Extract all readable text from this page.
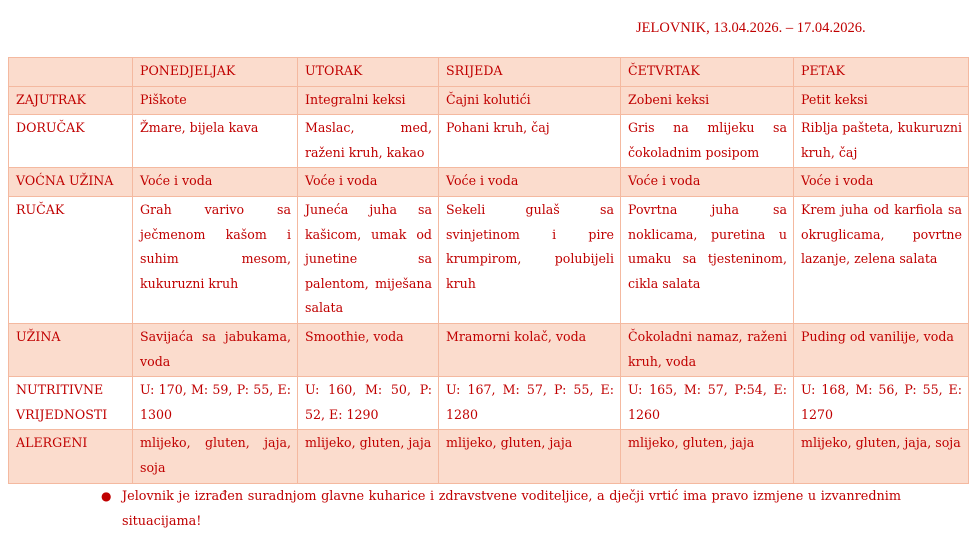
JELOVNIK, 13.04.2026. – 17.04.2026.
	PONEDJELJAK	UTORAK	SRIJEDA	ČETVRTAK	PETAK
ZAJUTRAK	Piškote	Integralni keksi	Čajni kolutići	Zobeni keksi	Petit keksi
DORUČAK	Žmare, bijela kava	Maslac, med, raženi kruh, kakao	Pohani kruh, čaj	Gris na mlijeku sa čokoladnim posipom	Riblja pašteta, kukuruzni kruh, čaj
VOĆNA UŽINA	Voće i voda	Voće i voda	Voće i voda	Voće i voda	Voće i voda
RUČAK	Grah varivo sa ječmenom kašom i suhim mesom, kukuruzni kruh	Juneća juha sa kašicom, umak od junetine sa palentom, miješana salata	Sekeli gulaš sa svinjetinom i pire krumpirom, polubijeli kruh	Povrtna juha sa noklicama, puretina u umaku sa tjesteninom, cikla salata	Krem juha od karfiola sa okruglicama, povrtne lazanje, zelena salata
UŽINA	Savijaća sa jabukama, voda	Smoothie, voda	Mramorni kolač, voda	Čokoladni namaz, raženi kruh, voda	Puding od vanilije, voda
NUTRITIVNE VRIJEDNOSTI	U: 170, M: 59, P: 55, E: 1300	U: 160, M: 50, P: 52, E: 1290	U: 167, M: 57, P: 55, E: 1280	U: 165, M: 57, P:54, E: 1260	U: 168, M: 56, P: 55, E: 1270
ALERGENI	mlijeko, gluten, jaja, soja	mlijeko, gluten, jaja	mlijeko, gluten, jaja	mlijeko, gluten, jaja	mlijeko, gluten, jaja, soja
● Jelovnik je izrađen suradnjom glavne kuharice i zdravstvene voditeljice, a dječji vrtić ima pravo izmjene u izvanrednim situacijama!
